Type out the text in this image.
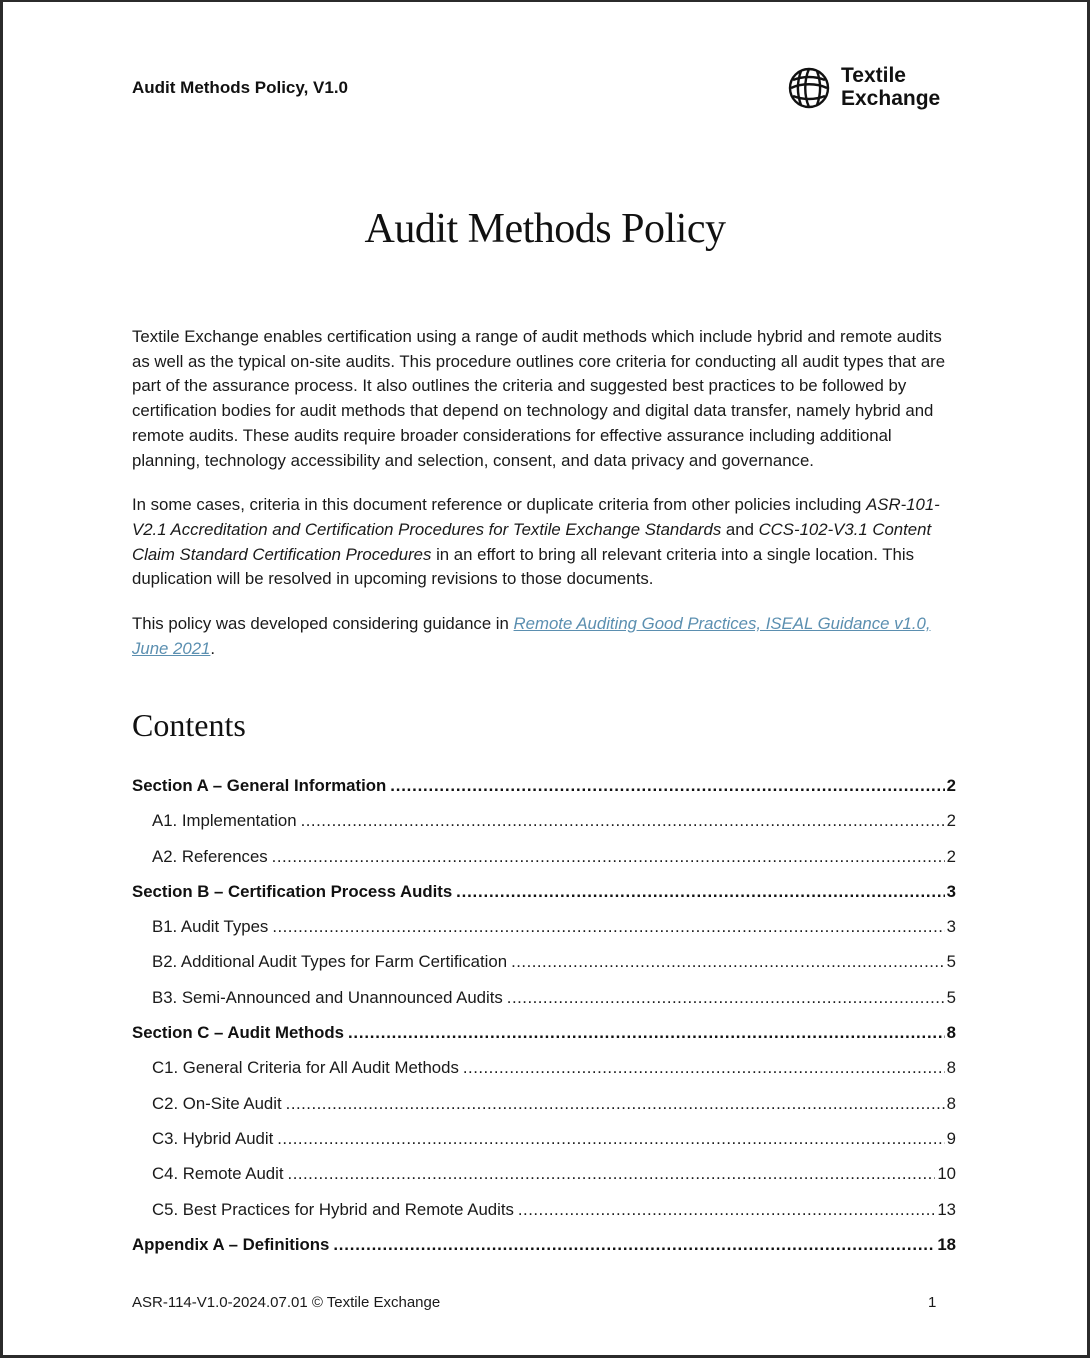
Audit Methods Policy, V1.0
Textile
Exchange
Audit Methods Policy

Textile Exchange enables certification using a range of audit methods which include hybrid and remote audits as well as the typical on-site audits. This procedure outlines core criteria for conducting all audit types that are part of the assurance process. It also outlines the criteria and suggested best practices to be followed by certification bodies for audit methods that depend on technology and digital data transfer, namely hybrid and remote audits. These audits require broader considerations for effective assurance including additional planning, technology accessibility and selection, consent, and data privacy and governance.

In some cases, criteria in this document reference or duplicate criteria from other policies including ASR-101-V2.1 Accreditation and Certification Procedures for Textile Exchange Standards and CCS-102-V3.1 Content Claim Standard Certification Procedures in an effort to bring all relevant criteria into a single location. This duplication will be resolved in upcoming revisions to those documents.

This policy was developed considering guidance in Remote Auditing Good Practices, ISEAL Guidance v1.0, June 2021.

Contents
Section A – General Information .....	2
A1. Implementation .....	2
A2. References .....	2
Section B – Certification Process Audits .....	3
B1. Audit Types .....	3
B2. Additional Audit Types for Farm Certification .....	5
B3. Semi-Announced and Unannounced Audits .....	5
Section C – Audit Methods .....	8
C1. General Criteria for All Audit Methods .....	8
C2. On-Site Audit .....	8
C3. Hybrid Audit .....	9
C4. Remote Audit .....	10
C5. Best Practices for Hybrid and Remote Audits .....	13
Appendix A – Definitions .....	18
ASR-114-V1.0-2024.07.01 © Textile Exchange	1
